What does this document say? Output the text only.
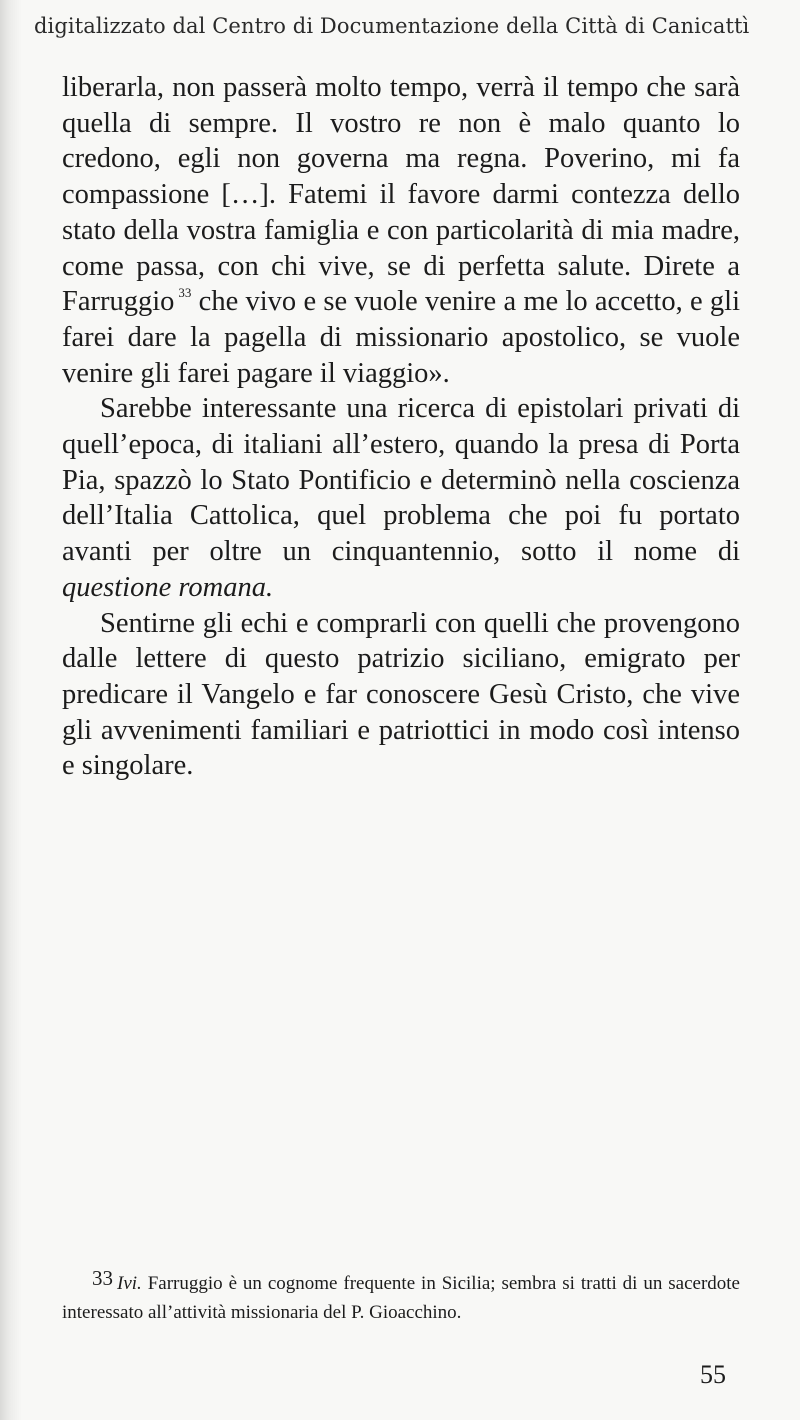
digitalizzato dal Centro di Documentazione della Città di Canicattì

liberarla, non passerà molto tempo, verrà il tempo che sarà quella di sempre. Il vostro re non è malo quanto lo credono, egli non governa ma regna. Poverino, mi fa compassione […]. Fatemi il favore darmi contezza dello stato della vostra famiglia e con particolarità di mia madre, come passa, con chi vive, se di perfetta salute. Direte a Farruggio $^{33}$ che vivo e se vuole venire a me lo accetto, e gli farei dare la pagella di missionario apostolico, se vuole venire gli farei pagare il viaggio».

Sarebbe interessante una ricerca di epistolari privati di quell’epoca, di italiani all’estero, quando la presa di Porta Pia, spazzò lo Stato Pontificio e determinò nella coscienza dell’Italia Cattolica, quel problema che poi fu portato avanti per oltre un cinquantennio, sotto il nome di questione romana.

Sentirne gli echi e comprarli con quelli che provengono dalle lettere di questo patrizio siciliano, emigrato per predicare il Vangelo e far conoscere Gesù Cristo, che vive gli avvenimenti familiari e patriottici in modo così intenso e singolare.

33 Ivi. Farruggio è un cognome frequente in Sicilia; sembra si tratti di un sacerdote interessato all’attività missionaria del P. Gioacchino.

55
